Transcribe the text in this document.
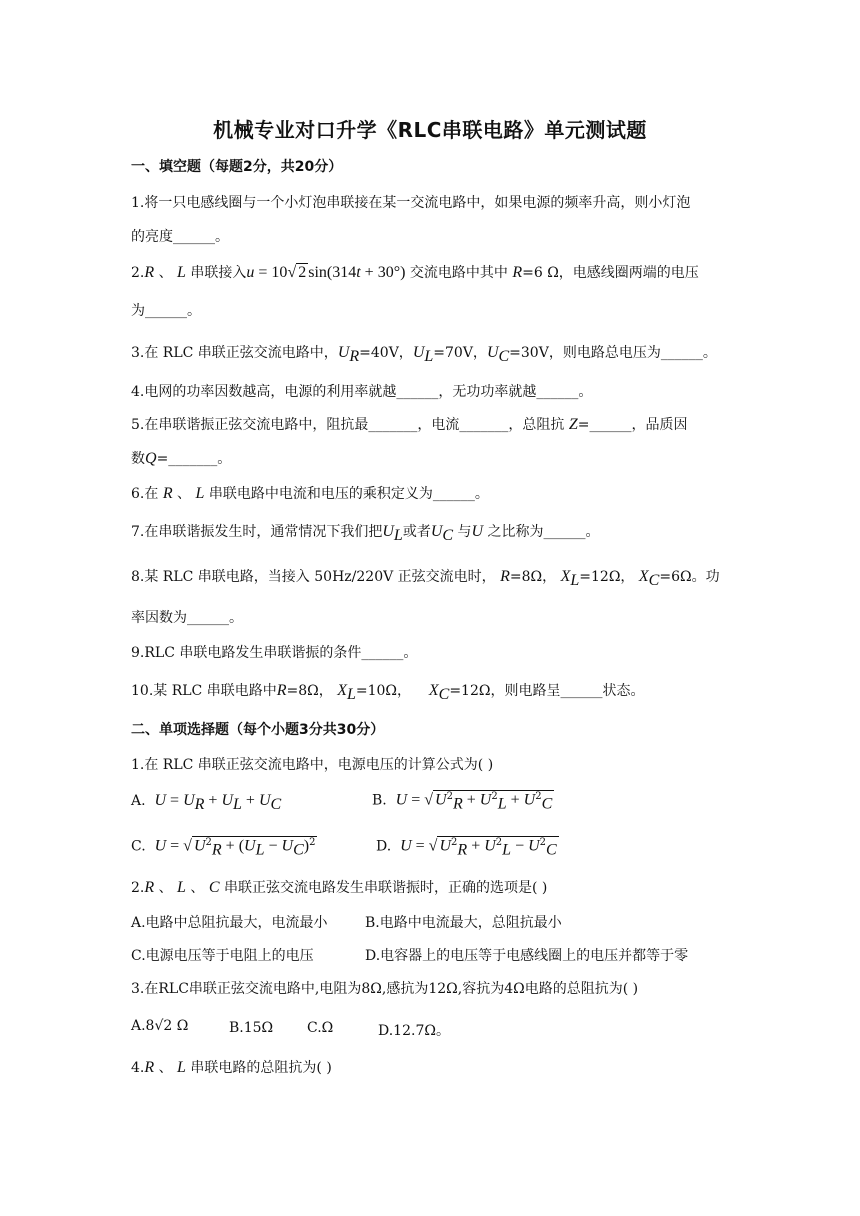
机械专业对口升学《RLC串联电路》单元测试题
一、填空题（每题2分，共20分）
1.将一只电感线圈与一个小灯泡串联接在某一交流电路中，如果电源的频率升高，则小灯泡
的亮度______。
2.R 、 L 串联接入u = 10√ 2 sin(314t + 30°) 交流电路中其中 R=6 Ω，电感线圈两端的电压
为______。
3.在 RLC 串联正弦交流电路中，$U_R=40V$，$U_L=70V$，$U_C=30V$，则电路总电压为______。
4.电网的功率因数越高，电源的利用率就越______，无功功率就越______。
5.在串联谐振正弦交流电路中，阻抗最_______，电流_______，总阻抗 Z=______，品质因
数Q=_______。
6.在 R 、 L 串联电路中电流和电压的乘积定义为______。
7.在串联谐振发生时，通常情况下我们把$U_L$或者$U_C$ 与U 之比称为______。
8.某 RLC 串联电路，当接入 50Hz/220V 正弦交流电时， R=8Ω， $X_L=12\Omega$， $X_C=6\Omega$。功
率因数为______。
9.RLC 串联电路发生串联谐振的条件______。
10.某 RLC 串联电路中R=8Ω， $X_L=10\Omega$， $X_C=12\Omega$，则电路呈______状态。
二、单项选择题（每个小题3分共30分）
1.在 RLC 串联正弦交流电路中，电源电压的计算公式为( )
A. $U = U_R + U_L + U_C$	B. U = √ $U^2_R + U^2_L + U^2_C$
C. U = √ $U^2_R + (U_L - U_C)^2$	D. U = √ $U^2_R + U^2_L - U^2_C$
2.R 、 L 、 C 串联正弦交流电路发生串联谐振时，正确的选项是( )
A.电路中总阻抗最大，电流最小	B.电路中电流最大，总阻抗最小
C.电源电压等于电阻上的电压	D.电容器上的电压等于电感线圈上的电压并都等于零
3.在RLC串联正弦交流电路中,电阻为8Ω,感抗为12Ω,容抗为4Ω电路的总阻抗为( )
A.8√2 Ω	B.15Ω C.Ω	D.12.7Ω。
4.R 、 L 串联电路的总阻抗为( )
